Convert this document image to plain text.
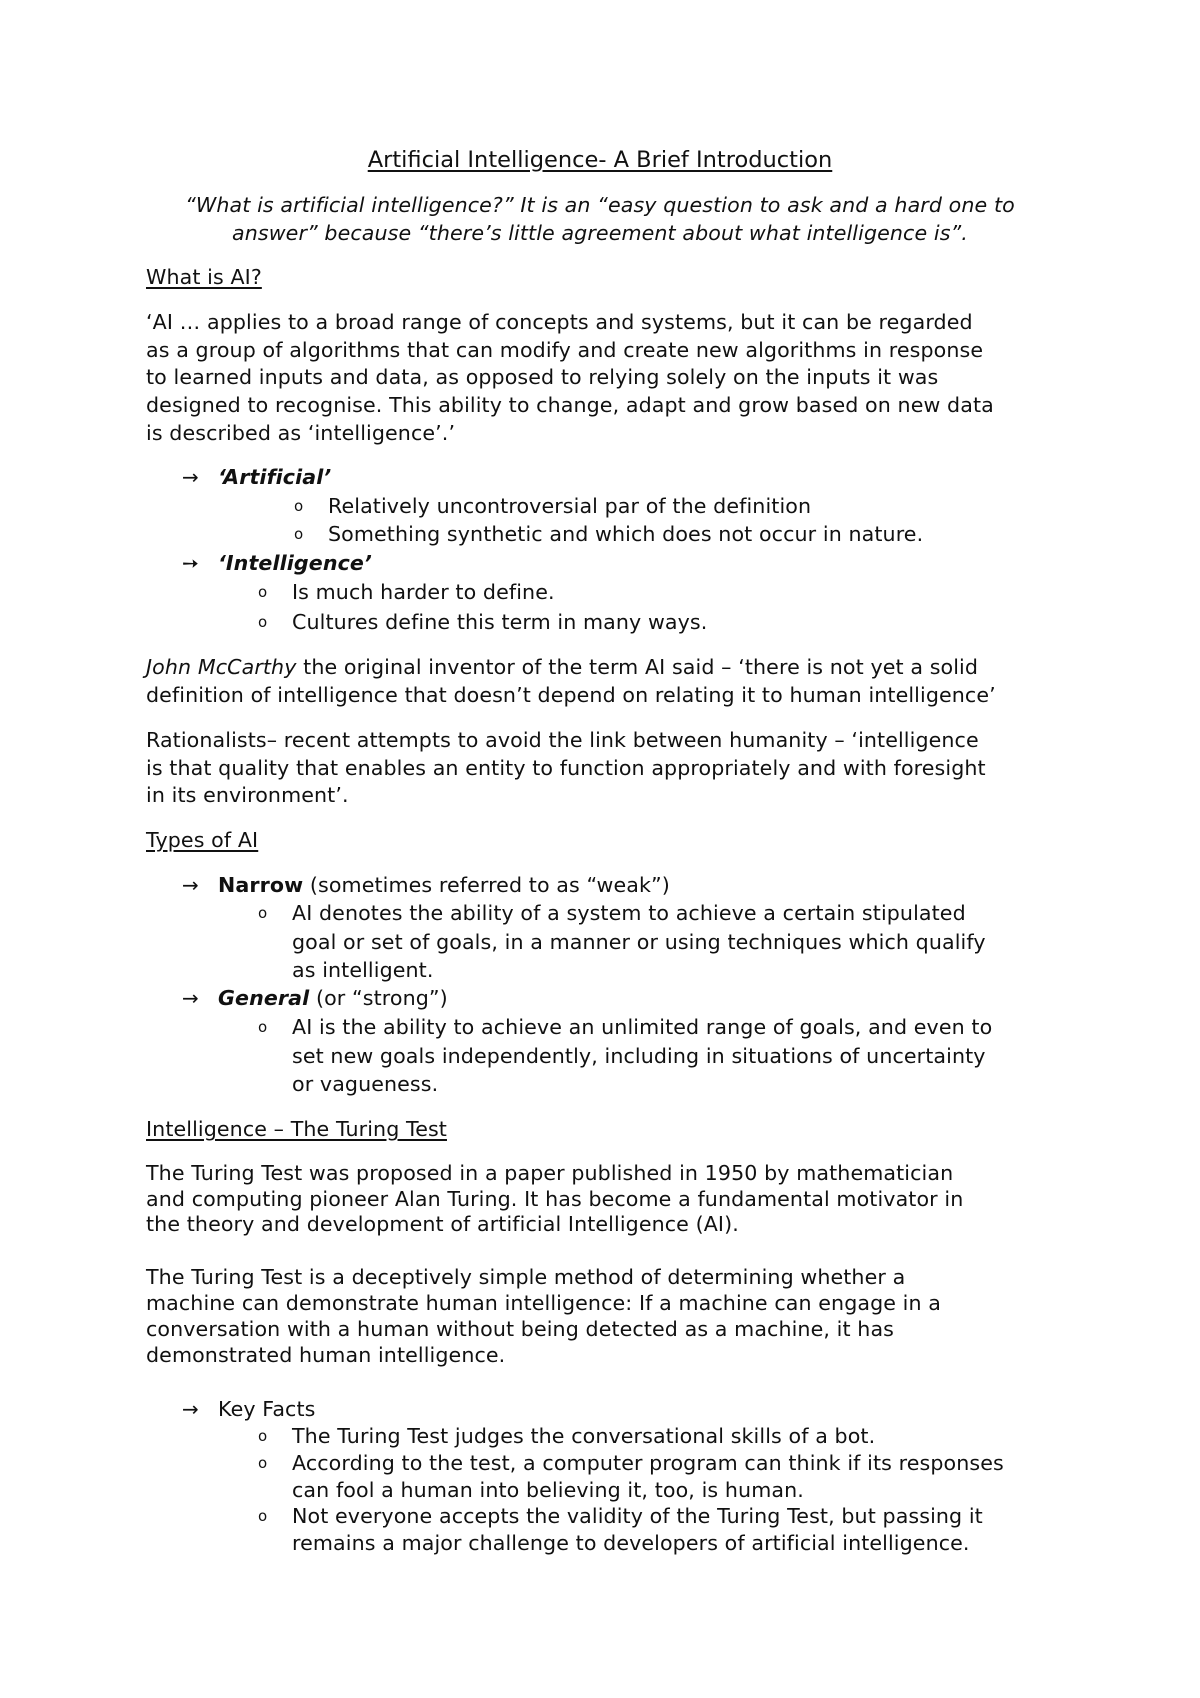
Artificial Intelligence- A Brief Introduction

“What is artificial intelligence?” It is an “easy question to ask and a hard one to

answer” because “there’s little agreement about what intelligence is”.

What is AI?

‘AI … applies to a broad range of concepts and systems, but it can be regarded

as a group of algorithms that can modify and create new algorithms in response

to learned inputs and data, as opposed to relying solely on the inputs it was

designed to recognise. This ability to change, adapt and grow based on new data

is described as ‘intelligence’.’

→ ‘Artificial’

o Relatively uncontroversial par of the definition

o Something synthetic and which does not occur in nature.

➙ ‘Intelligence’

o Is much harder to define.

o Cultures define this term in many ways.

John McCarthy the original inventor of the term AI said – ‘there is not yet a solid

definition of intelligence that doesn’t depend on relating it to human intelligence’

Rationalists– recent attempts to avoid the link between humanity – ‘intelligence

is that quality that enables an entity to function appropriately and with foresight

in its environment’.

Types of AI

→ Narrow (sometimes referred to as “weak”)

o AI denotes the ability of a system to achieve a certain stipulated

goal or set of goals, in a manner or using techniques which qualify

as intelligent.

→ General (or “strong”)

o AI is the ability to achieve an unlimited range of goals, and even to

set new goals independently, including in situations of uncertainty

or vagueness.

Intelligence – The Turing Test

The Turing Test was proposed in a paper published in 1950 by mathematician

and computing pioneer Alan Turing. It has become a fundamental motivator in

the theory and development of artificial Intelligence (AI).

The Turing Test is a deceptively simple method of determining whether a

machine can demonstrate human intelligence: If a machine can engage in a

conversation with a human without being detected as a machine, it has

demonstrated human intelligence.

→ Key Facts

o The Turing Test judges the conversational skills of a bot.

o According to the test, a computer program can think if its responses

can fool a human into believing it, too, is human.

o Not everyone accepts the validity of the Turing Test, but passing it

remains a major challenge to developers of artificial intelligence.
